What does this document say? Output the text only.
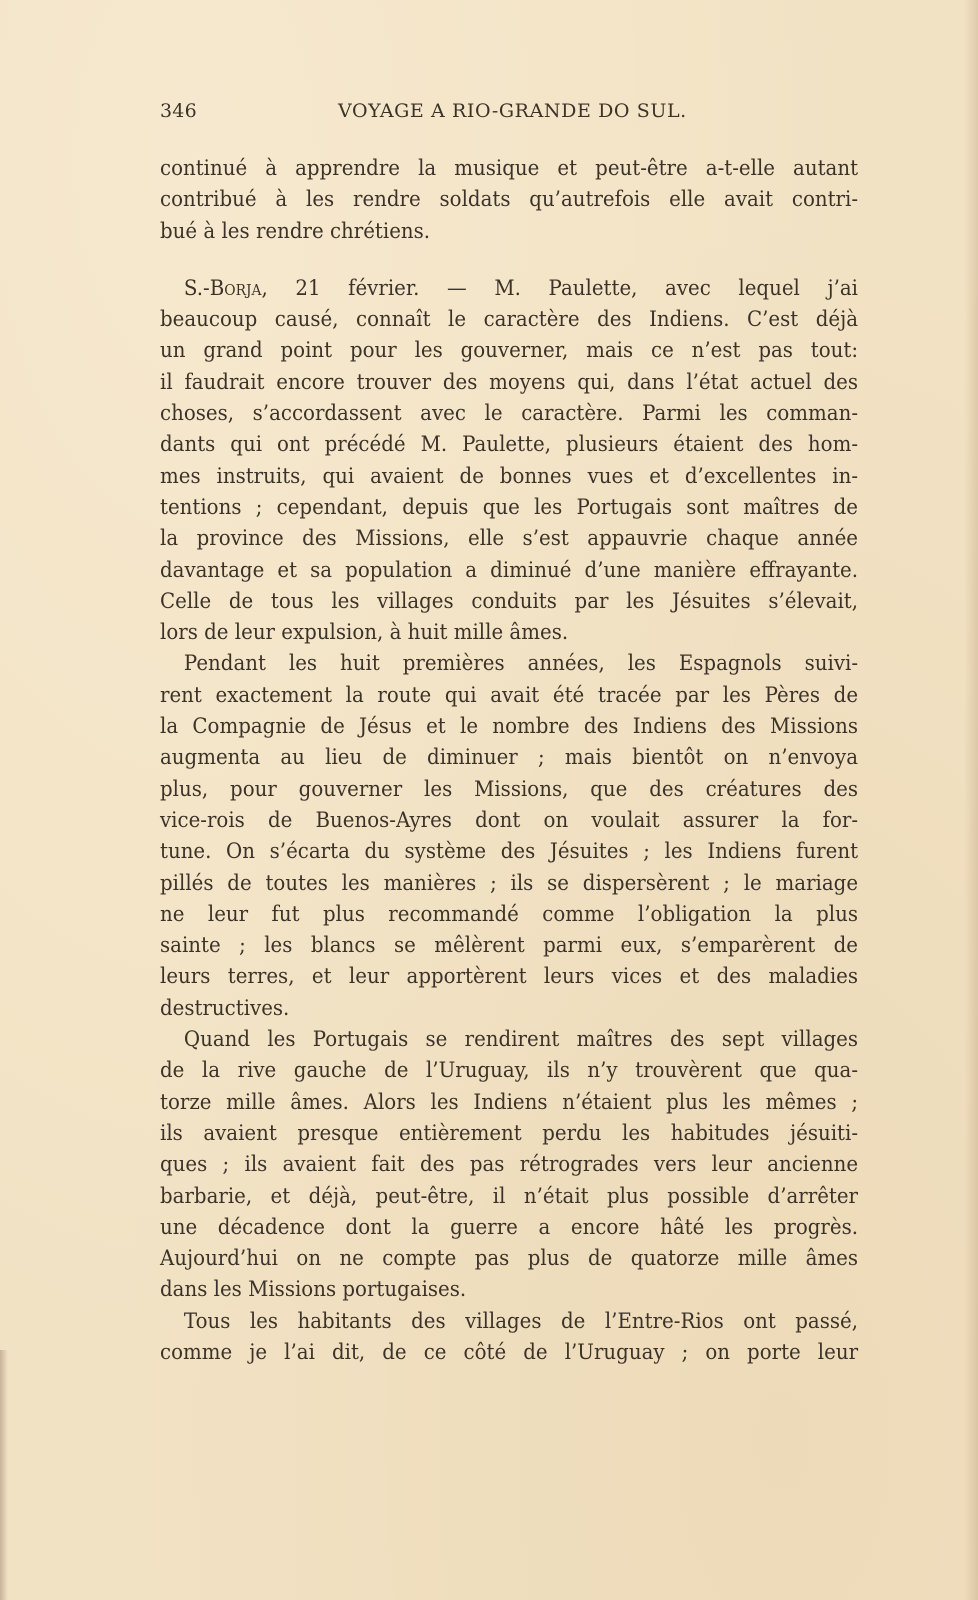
346	VOYAGE A RIO-GRANDE DO SUL.
continué à apprendre la musique et peut-être a-t-elle autant
contribué à les rendre soldats qu’autrefois elle avait contri-
bué à les rendre chrétiens.
S.-Borja, 21 février. — M. Paulette, avec lequel j’ai
beaucoup causé, connaît le caractère des Indiens. C’est déjà
un grand point pour les gouverner, mais ce n’est pas tout:
il faudrait encore trouver des moyens qui, dans l’état actuel des
choses, s’accordassent avec le caractère. Parmi les comman-
dants qui ont précédé M. Paulette, plusieurs étaient des hom-
mes instruits, qui avaient de bonnes vues et d’excellentes in-
tentions ; cependant, depuis que les Portugais sont maîtres de
la province des Missions, elle s’est appauvrie chaque année
davantage et sa population a diminué d’une manière effrayante.
Celle de tous les villages conduits par les Jésuites s’élevait,
lors de leur expulsion, à huit mille âmes.
Pendant les huit premières années, les Espagnols suivi-
rent exactement la route qui avait été tracée par les Pères de
la Compagnie de Jésus et le nombre des Indiens des Missions
augmenta au lieu de diminuer ; mais bientôt on n’envoya
plus, pour gouverner les Missions, que des créatures des
vice-rois de Buenos-Ayres dont on voulait assurer la for-
tune. On s’écarta du système des Jésuites ; les Indiens furent
pillés de toutes les manières ; ils se dispersèrent ; le mariage
ne leur fut plus recommandé comme l’obligation la plus
sainte ; les blancs se mêlèrent parmi eux, s’emparèrent de
leurs terres, et leur apportèrent leurs vices et des maladies
destructives.
Quand les Portugais se rendirent maîtres des sept villages
de la rive gauche de l’Uruguay, ils n’y trouvèrent que qua-
torze mille âmes. Alors les Indiens n’étaient plus les mêmes ;
ils avaient presque entièrement perdu les habitudes jésuiti-
ques ; ils avaient fait des pas rétrogrades vers leur ancienne
barbarie, et déjà, peut-être, il n’était plus possible d’arrêter
une décadence dont la guerre a encore hâté les progrès.
Aujourd’hui on ne compte pas plus de quatorze mille âmes
dans les Missions portugaises.
Tous les habitants des villages de l’Entre-Rios ont passé,
comme je l’ai dit, de ce côté de l’Uruguay ; on porte leur
